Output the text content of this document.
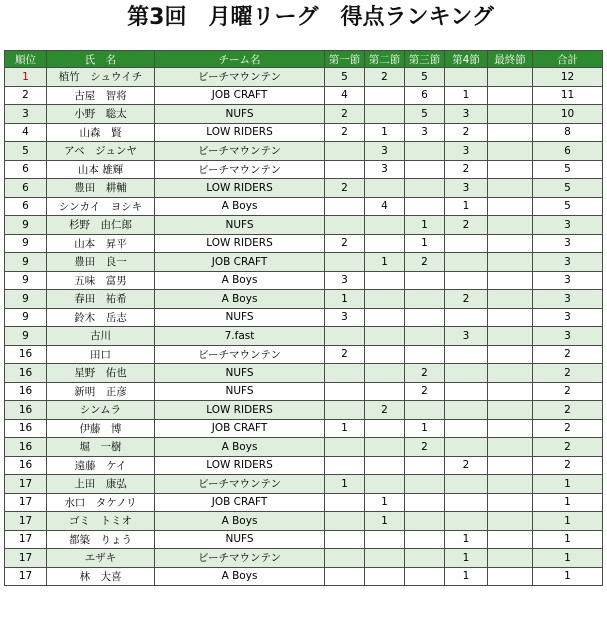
第3回　月曜リーグ　得点ランキング
順位	氏　名	チーム名	第一節	第二節	第三節	第4節	最終節	合計
1	植竹　シュウイチ	ビーチマウンテン	5	2	5			12
2	古屋　智将	JOB CRAFT	4		6	1		11
3	小野　聡太	NUFS	2		5	3		10
4	山森　賢	LOW RIDERS	2	1	3	2		8
5	アベ　ジュンヤ	ビーチマウンテン		3		3		6
6	山本 雄輝	ビーチマウンテン		3		2		5
6	豊田　耕輔	LOW RIDERS	2			3		5
6	シンカイ　ヨシキ	A Boys		4		1		5
9	杉野　由仁郎	NUFS			1	2		3
9	山本　昇平	LOW RIDERS	2		1			3
9	豊田　良一	JOB CRAFT		1	2			3
9	五味　富男	A Boys	3					3
9	春田　祐希	A Boys	1			2		3
9	鈴木　岳志	NUFS	3					3
9	古川	7.fast				3		3
16	田口	ビーチマウンテン	2					2
16	星野　佑也	NUFS			2			2
16	新明　正彦	NUFS			2			2
16	シンムラ	LOW RIDERS		2				2
16	伊藤　博	JOB CRAFT	1		1			2
16	堀　一樹	A Boys			2			2
16	遠藤　ケイ	LOW RIDERS				2		2
17	上田　康弘	ビーチマウンテン	1					1
17	水口　タケノリ	JOB CRAFT		1				1
17	ゴミ　トミオ	A Boys		1				1
17	都築　りょう	NUFS				1		1
17	エザキ	ビーチマウンテン				1		1
17	林　大喜	A Boys				1		1
